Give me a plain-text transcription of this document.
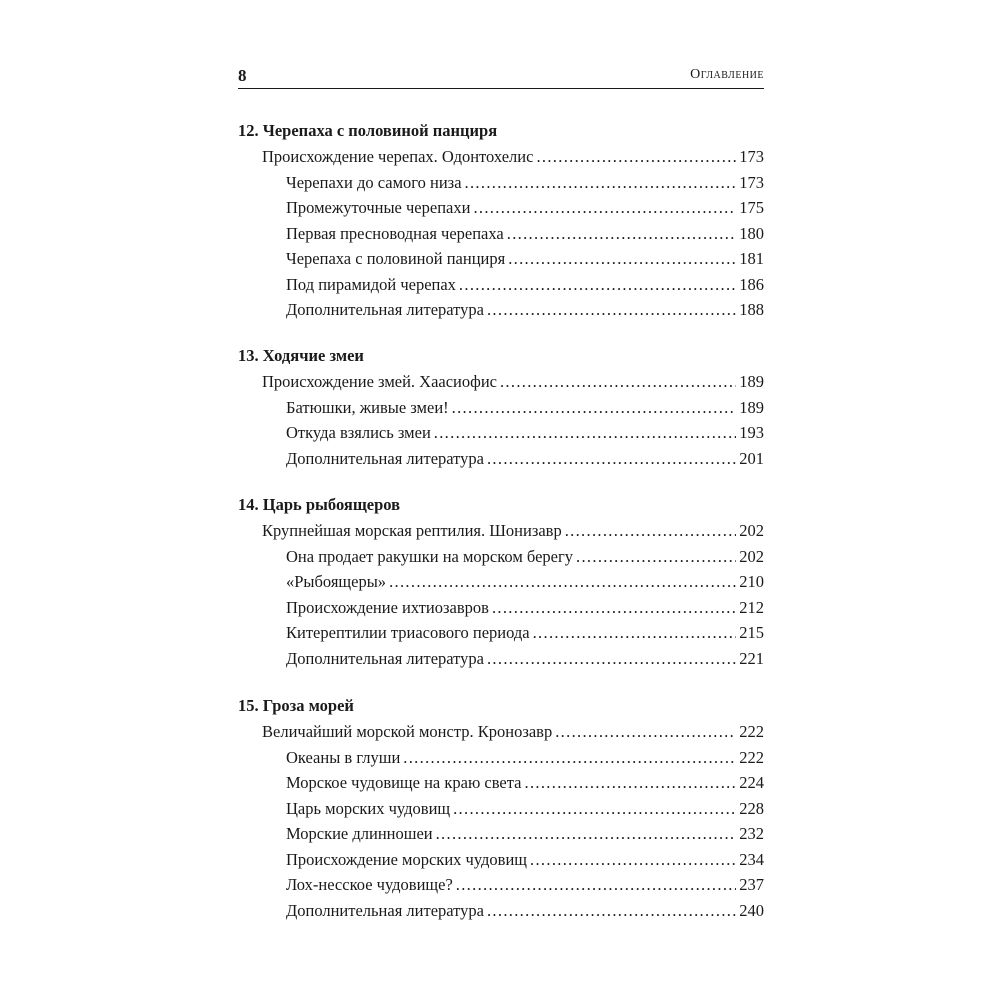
8	Оглавление
12. Черепаха с половиной панциря
Происхождение черепах. Одонтохелис . . .	173
Черепахи до самого низа . . .	173
Промежуточные черепахи . . .	175
Первая пресноводная черепаха . . .	180
Черепаха с половиной панциря . . .	181
Под пирамидой черепах . . .	186
Дополнительная литература . . .	188
13. Ходячие змеи
Происхождение змей. Хаасиофис . . .	189
Батюшки, живые змеи! . . .	189
Откуда взялись змеи . . .	193
Дополнительная литература . . .	201
14. Царь рыбоящеров
Крупнейшая морская рептилия. Шонизавр . . .	202
Она продает ракушки на морском берегу . . .	202
«Рыбоящеры» . . .	210
Происхождение ихтиозавров . . .	212
Китерептилии триасового периода . . .	215
Дополнительная литература . . .	221
15. Гроза морей
Величайший морской монстр. Кронозавр . . .	222
Океаны в глуши . . .	222
Морское чудовище на краю света . . .	224
Царь морских чудовищ . . .	228
Морские длинношеи . . .	232
Происхождение морских чудовищ . . .	234
Лох-несское чудовище? . . .	237
Дополнительная литература . . .	240
